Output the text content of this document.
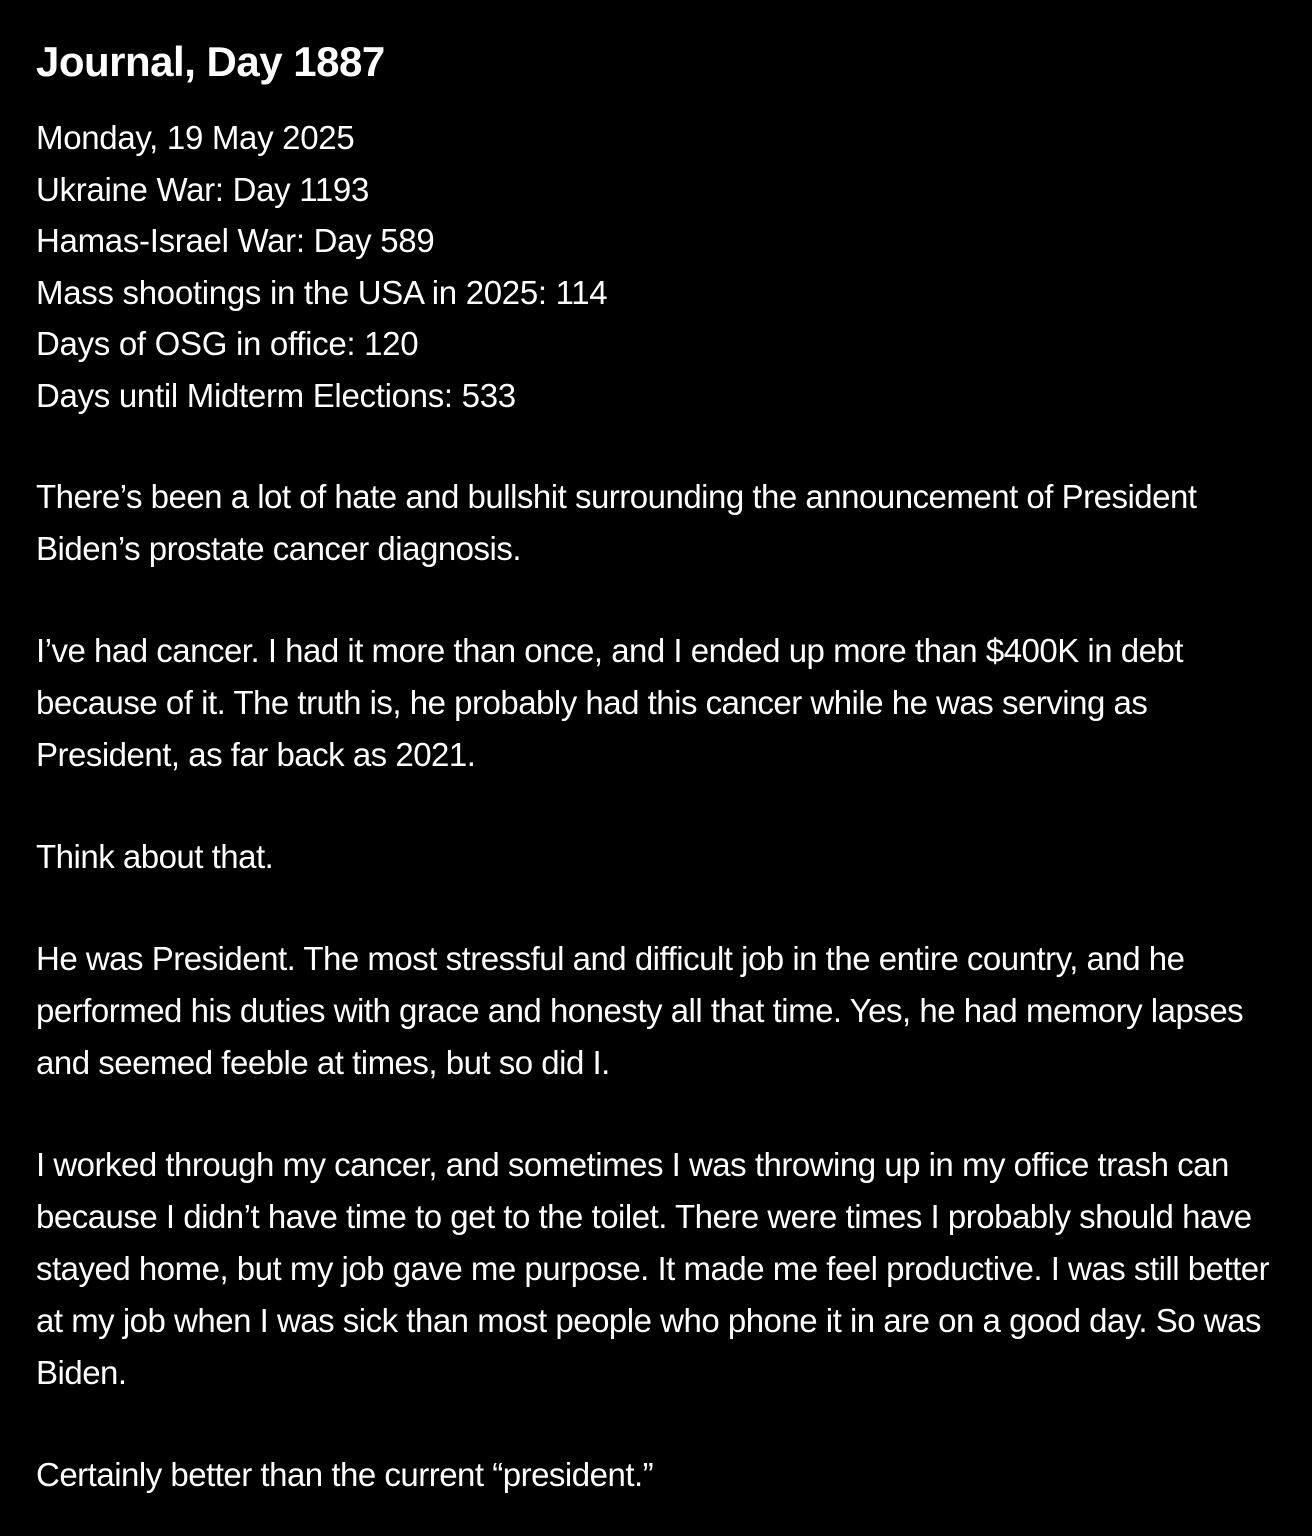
Journal, Day 1887
Monday, 19 May 2025
Ukraine War: Day 1193
Hamas-Israel War: Day 589
Mass shootings in the USA in 2025: 114
Days of OSG in office: 120
Days until Midterm Elections: 533

There’s been a lot of hate and bullshit surrounding the announcement of President Biden’s prostate cancer diagnosis.

I’ve had cancer. I had it more than once, and I ended up more than $400K in debt because of it. The truth is, he probably had this cancer while he was serving as President, as far back as 2021.

Think about that.

He was President. The most stressful and difficult job in the entire country, and he performed his duties with grace and honesty all that time. Yes, he had memory lapses and seemed feeble at times, but so did I.

I worked through my cancer, and sometimes I was throwing up in my office trash can because I didn’t have time to get to the toilet. There were times I probably should have stayed home, but my job gave me purpose. It made me feel productive. I was still better at my job when I was sick than most people who phone it in are on a good day. So was Biden.

Certainly better than the current “president.”
